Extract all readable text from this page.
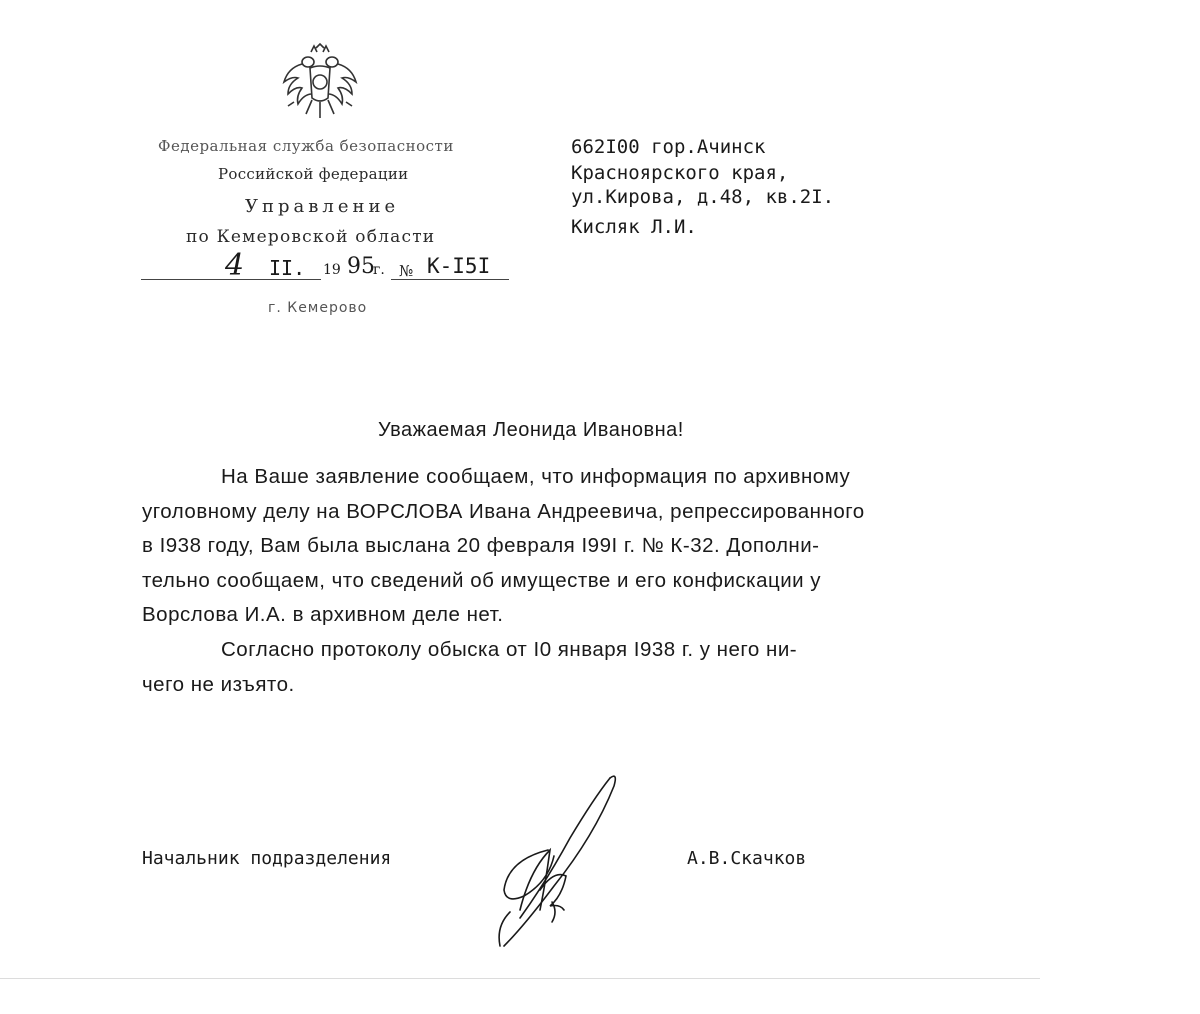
Федеральная служба безопасности
Российской федерации
Управление
по Кемеровской области
4 II. 19 95
г. № К-I5I
г. Кемерово
662I00 гор.Ачинск
Красноярского края,
ул.Кирова, д.48, кв.2I.
Кисляк Л.И.
Уважаемая Леонида Ивановна!
На Ваше заявление сообщаем, что информация по архивному
уголовному делу на ВОРСЛОВА Ивана Андреевича, репрессированного
в I938 году, Вам была выслана 20 февраля I99I г. № К-32. Дополни-
тельно сообщаем, что сведений об имуществе и его конфискации у
Ворслова И.А. в архивном деле нет.
Согласно протоколу обыска от I0 января I938 г. у него ни-
чего не изъято.
Начальник подразделения	А.В.Скачков
